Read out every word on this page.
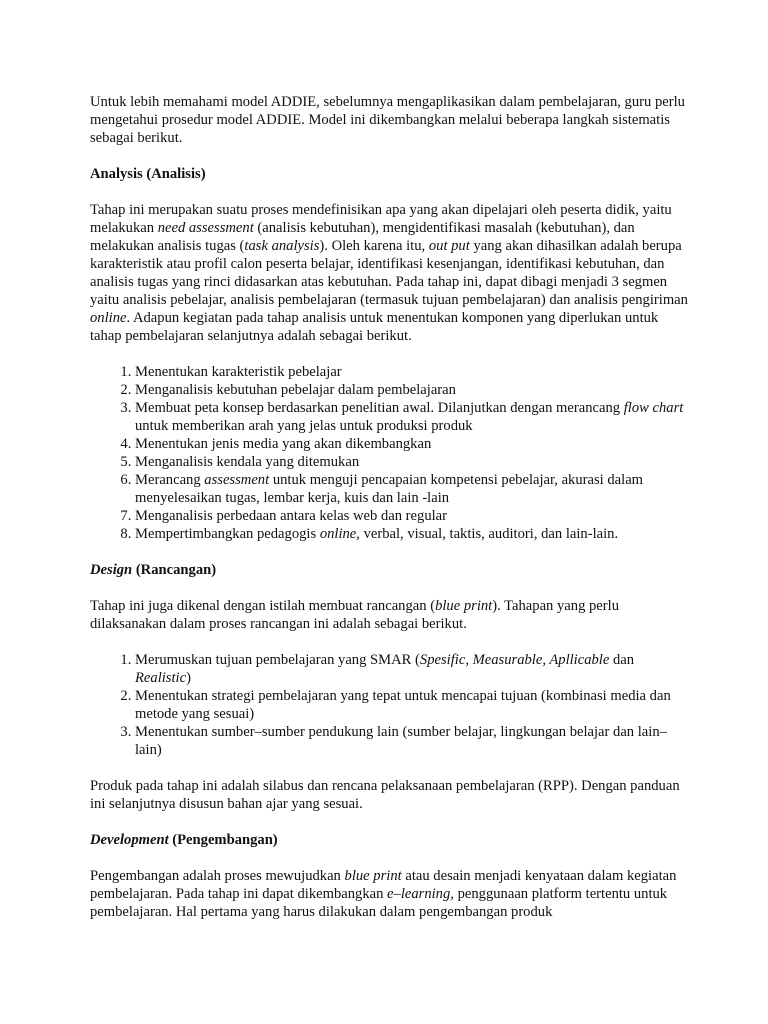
Untuk lebih memahami model ADDIE, sebelumnya mengaplikasikan dalam pembelajaran, guru perlu mengetahui prosedur model ADDIE. Model ini dikembangkan melalui beberapa langkah sistematis sebagai berikut.

Analysis (Analisis)

Tahap ini merupakan suatu proses mendefinisikan apa yang akan dipelajari oleh peserta didik, yaitu melakukan need assessment (analisis kebutuhan), mengidentifikasi masalah (kebutuhan), dan melakukan analisis tugas (task analysis). Oleh karena itu, out put yang akan dihasilkan adalah berupa karakteristik atau profil calon peserta belajar, identifikasi kesenjangan, identifikasi kebutuhan, dan analisis tugas yang rinci didasarkan atas kebutuhan. Pada tahap ini, dapat dibagi menjadi 3 segmen yaitu analisis pebelajar, analisis pembelajaran (termasuk tujuan pembelajaran) dan analisis pengiriman online. Adapun kegiatan pada tahap analisis untuk menentukan komponen yang diperlukan untuk tahap pembelajaran selanjutnya adalah sebagai berikut.

1. Menentukan karakteristik pebelajar
2. Menganalisis kebutuhan pebelajar dalam pembelajaran
3. Membuat peta konsep berdasarkan penelitian awal. Dilanjutkan dengan merancang flow chart untuk memberikan arah yang jelas untuk produksi produk
4. Menentukan jenis media yang akan dikembangkan
5. Menganalisis kendala yang ditemukan
6. Merancang assessment untuk menguji pencapaian kompetensi pebelajar, akurasi dalam menyelesaikan tugas, lembar kerja, kuis dan lain -lain
7. Menganalisis perbedaan antara kelas web dan regular
8. Mempertimbangkan pedagogis online, verbal, visual, taktis, auditori, dan lain-lain.
Design (Rancangan)

Tahap ini juga dikenal dengan istilah membuat rancangan (blue print). Tahapan yang perlu dilaksanakan dalam proses rancangan ini adalah sebagai berikut.

1. Merumuskan tujuan pembelajaran yang SMAR (Spesific, Measurable, Apllicable dan Realistic)
2. Menentukan strategi pembelajaran yang tepat untuk mencapai tujuan (kombinasi media dan metode yang sesuai)
3. Menentukan sumber–sumber pendukung lain (sumber belajar, lingkungan belajar dan lain–lain)

Produk pada tahap ini adalah silabus dan rencana pelaksanaan pembelajaran (RPP). Dengan panduan ini selanjutnya disusun bahan ajar yang sesuai.

Development (Pengembangan)

Pengembangan adalah proses mewujudkan blue print atau desain menjadi kenyataan dalam kegiatan pembelajaran. Pada tahap ini dapat dikembangkan e–learning, penggunaan platform tertentu untuk pembelajaran. Hal pertama yang harus dilakukan dalam pengembangan produk
